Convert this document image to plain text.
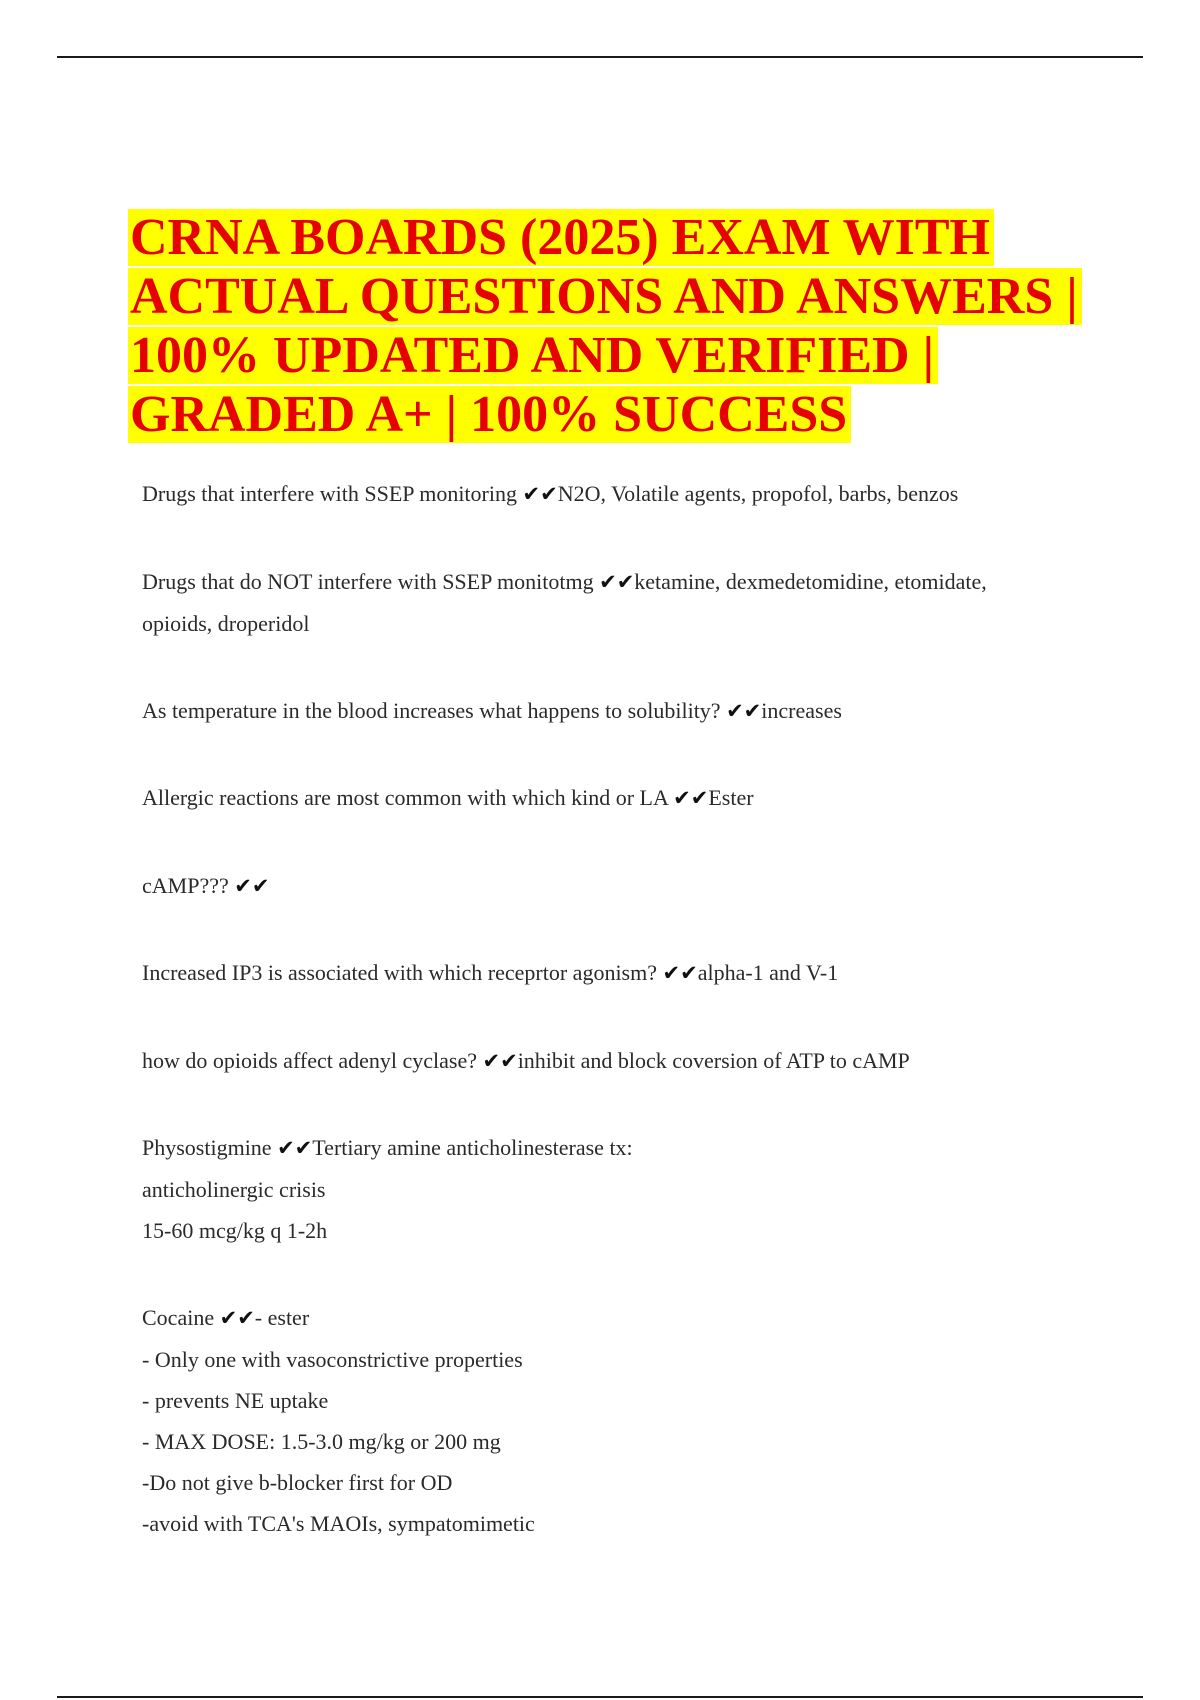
CRNA BOARDS (2025) EXAM WITH
ACTUAL QUESTIONS AND ANSWERS |
100% UPDATED AND VERIFIED |
GRADED A+ | 100% SUCCESS
Drugs that interfere with SSEP monitoring ✔✔N2O, Volatile agents, propofol, barbs, benzos
Drugs that do NOT interfere with SSEP monitotmg ✔✔ketamine, dexmedetomidine, etomidate,
opioids, droperidol
As temperature in the blood increases what happens to solubility? ✔✔increases
Allergic reactions are most common with which kind or LA ✔✔Ester
cAMP??? ✔✔
Increased IP3 is associated with which receprtor agonism? ✔✔alpha-1 and V-1
how do opioids affect adenyl cyclase? ✔✔inhibit and block coversion of ATP to cAMP
Physostigmine ✔✔Tertiary amine anticholinesterase tx:
anticholinergic crisis
15-60 mcg/kg q 1-2h
Cocaine ✔✔- ester
- Only one with vasoconstrictive properties
- prevents NE uptake
- MAX DOSE: 1.5-3.0 mg/kg or 200 mg
-Do not give b-blocker first for OD
-avoid with TCA's MAOIs, sympatomimetic
